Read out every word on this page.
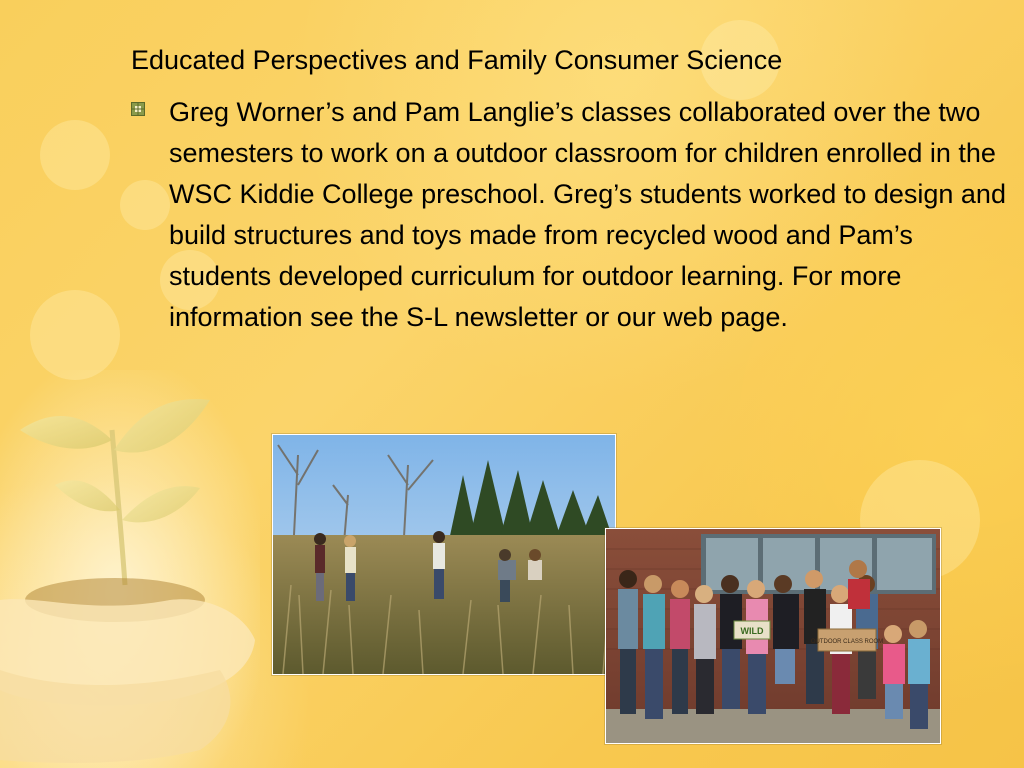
Educated Perspectives and Family Consumer Science
Greg Worner’s and Pam Langlie’s classes collaborated over the two semesters to work on a outdoor classroom for children enrolled in the WSC Kiddie College preschool. Greg’s students worked to design and build structures and toys made from recycled wood and Pam’s students developed curriculum for outdoor learning. For more information see the S-L newsletter or our web page.
WILD
OUTDOOR CLASS ROOM
